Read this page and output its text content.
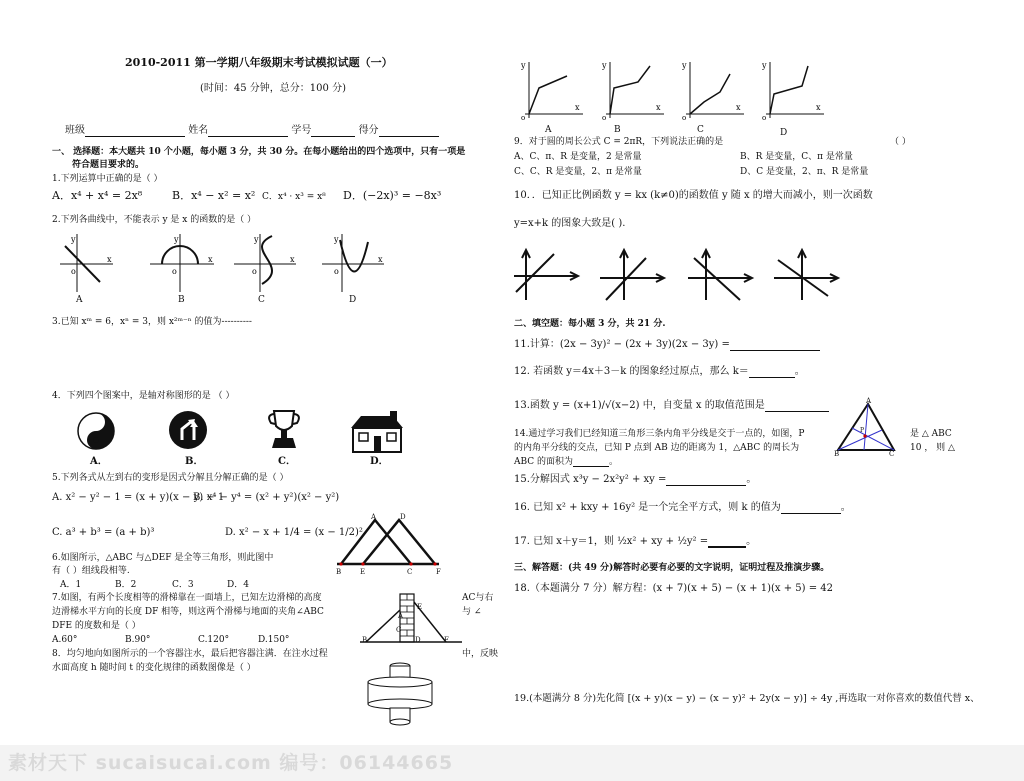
2010-2011 第一学期八年级期末考试模拟试题（一）
(时间：45 分钟，总分：100 分)
班级	姓名	学号	得分
一、 选择题：本大题共 10 个小题，每小题 3 分，共 30 分。在每小题给出的四个选项中，只有一项是
符合题目要求的。
1.下列运算中正确的是（ ）
A．x⁴ + x⁴ = 2x⁸	B．x⁴ − x² = x² C．x⁴ · x³ = x⁸ D．(−2x)³ = −8x³
2.下列各曲线中，不能表示 y 是 x 的函数的是（ ）
y
x
o
y
x
o
y
x
o
y
x
o
A	B	C	D
3.已知 xᵐ = 6，xⁿ = 3，则 x²ᵐ⁻ⁿ 的值为----------
4．下列四个图案中，是轴对称图形的是 （ ）
A．	B．	C．	D．
5.下列各式从左到右的变形是因式分解且分解正确的是（ ）
A. x² − y² − 1 = (x + y)(x − y) − 1
B. x⁴ − y⁴ = (x² + y²)(x² − y²)
C. a³ + b³ = (a + b)³	D. x² − x + 1/4 = (x − 1/2)²
6.如图所示，△ABC 与△DEF 是全等三角形，则此图中
有（ ）组线段相等.
A．1	B．2	C．3	D．4
A	D
B	E	C	F
7.如图，有两个长度相等的滑梯靠在一面墙上，已知左边滑梯的高度	AC与右
边滑梯水平方向的长度 DF 相等，则这两个滑梯与地面的夹角∠ABC	与 ∠
DFE 的度数和是（ ）
A.60°	B.90°	C.120°	D.150°
A
C
E
B	D	F
8．均匀地向如图所示的一个容器注水，最后把容器注满．在注水过程	中，反映
水面高度 h 随时间 t 的变化规律的函数图像是（ ）
y
x
o
y
x
o
y
x
o
y
x
o
A	B	C	D
9．对于圆的周长公式 C = 2πR，下列说法正确的是	（ ）
A、C、π、R 是变量，2 是常量	B、R 是变量，C、π 是常量
C、C、R 是变量，2、π 是常量	D、C 是变量，2、π、R 是常量
10．．已知正比例函数 y = kx (k≠0)的函数值 y 随 x 的增大而减小，则一次函数
y=x+k 的图象大致是( ).
二、填空题：每小题 3 分，共 21 分.
11.计算：(2x − 3y)² − (2x + 3y)(2x − 3y) =
12. 若函数 y＝4x＋3－k 的图象经过原点，那么 k＝	。
13.函数 y = (x+1)/√(x−2) 中，自变量 x 的取值范围是
14.通过学习我们已经知道三角形三条内角平分线是交于一点的，如图，P	是 △ ABC
的内角平分线的交点，已知 P 点到 AB 边的距离为 1，△ABC 的周长为	10 ， 则 △
ABC 的面积为	。
A
P
B	C
15.分解因式 x³y − 2x²y² + xy =	。
16. 已知 x² + kxy + 16y² 是一个完全平方式，则 k 的值为	。
17. 已知 x＋y＝1，则 ½x² + xy + ½y² =	。
三、解答题：(共 49 分)解答时必要有必要的文字说明，证明过程及推演步骤。
18.（本题满分 7 分）解方程：(x + 7)(x + 5) − (x + 1)(x + 5) = 42
19.(本题满分 8 分)先化简 [(x + y)(x − y) − (x − y)² + 2y(x − y)] ÷ 4y ,再选取一对你喜欢的数值代替 x、
素材天下 sucaisucai.com 编号：06144665
